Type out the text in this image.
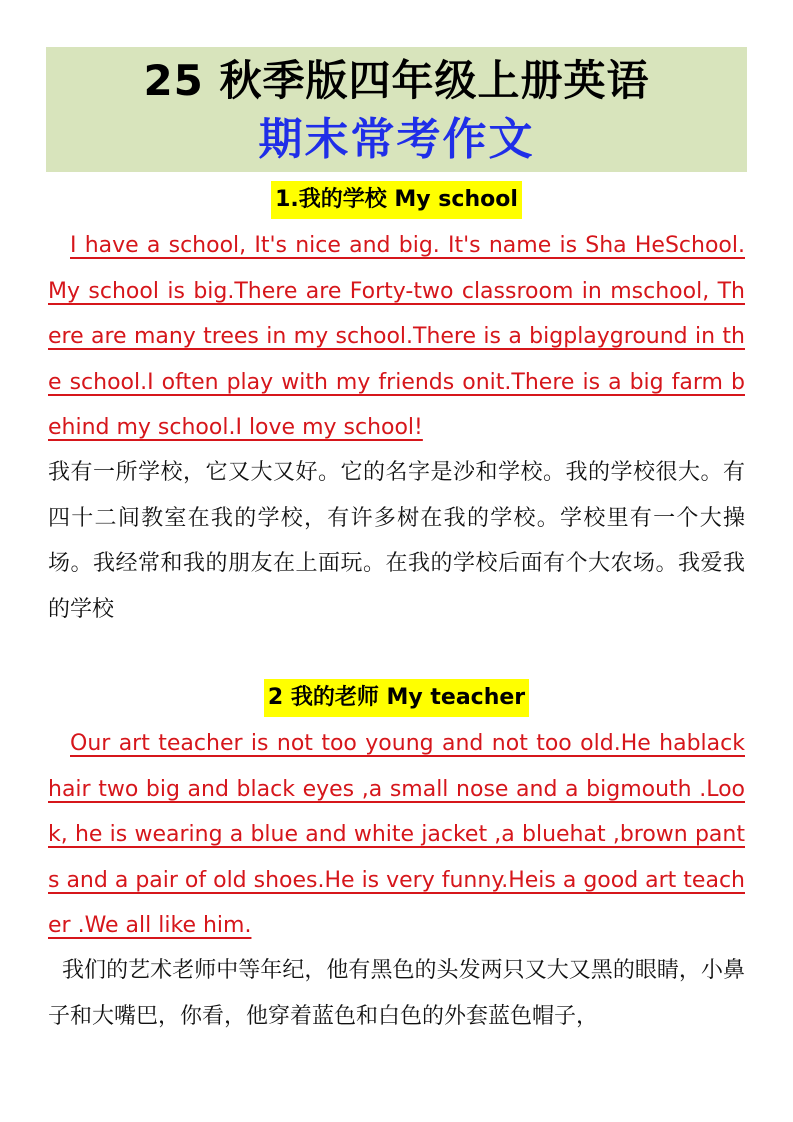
25 秋季版四年级上册英语
期末常考作文
1.我的学校 My school

I have a school, It's nice and big. It's name is Sha HeSchool.My school is big.There are Forty-two classroom in mschool, There are many trees in my school.There is a bigplayground in the school.I often play with my friends onit.There is a big farm behind my school.I love my school!

我有一所学校，它又大又好。它的名字是沙和学校。我的学校很大。有四十二间教室在我的学校，有许多树在我的学校。学校里有一个大操场。我经常和我的朋友在上面玩。在我的学校后面有个大农场。我爱我的学校

2 我的老师 My teacher

Our art teacher is not too young and not too old.He hablack hair two big and black eyes ,a small nose and a bigmouth .Look, he is wearing a blue and white jacket ,a bluehat ,brown pants and a pair of old shoes.He is very funny.Heis a good art teacher .We all like him.

我们的艺术老师中等年纪，他有黑色的头发两只又大又黑的眼睛，小鼻子和大嘴巴，你看，他穿着蓝色和白色的外套蓝色帽子，
